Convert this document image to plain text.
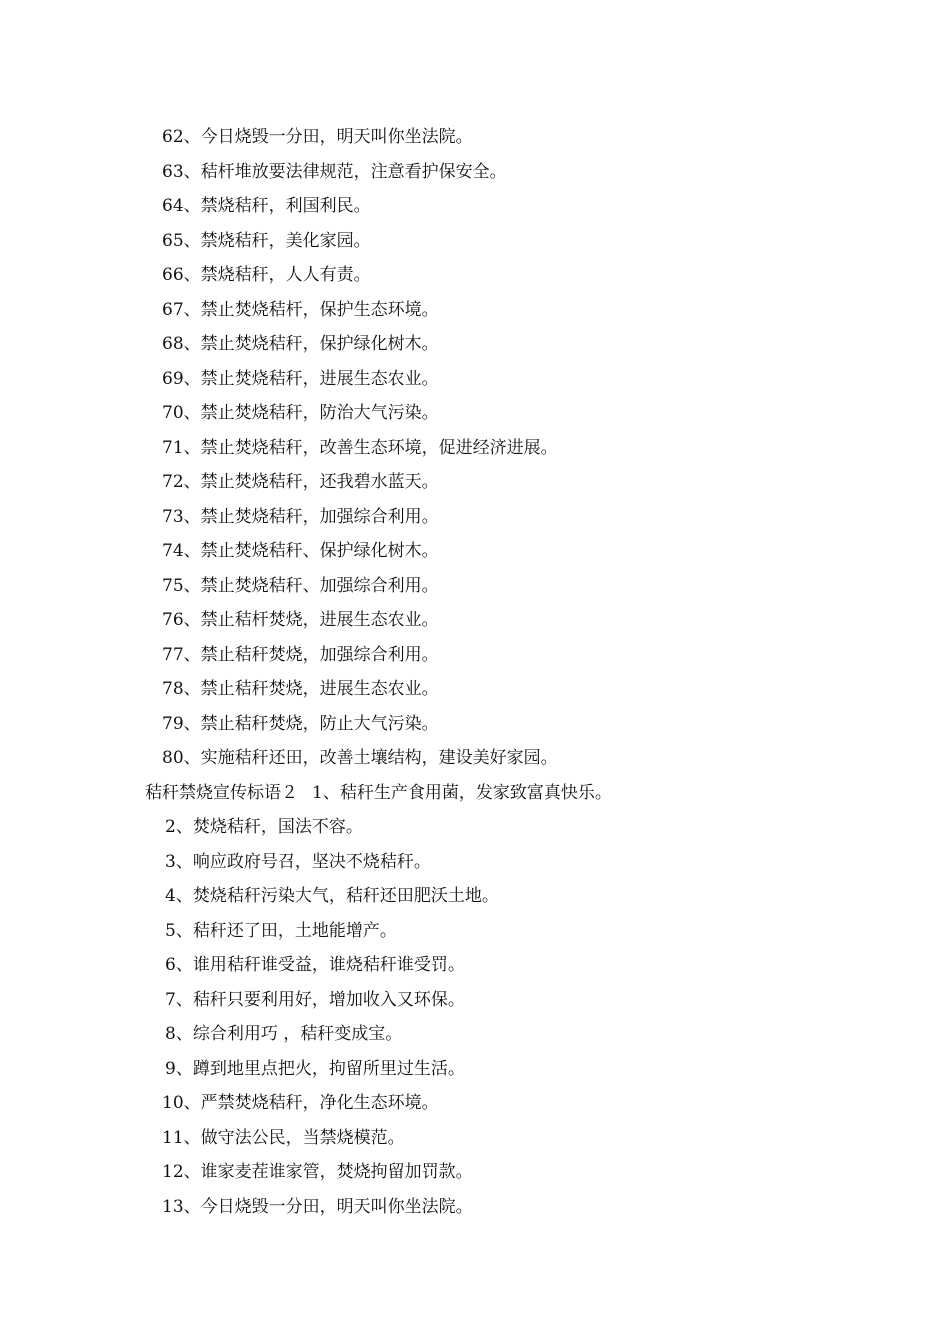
62、今日烧毁一分田，明天叫你坐法院。
63、秸杆堆放要法律规范，注意看护保安全。
64、禁烧秸秆，利国利民。
65、禁烧秸秆，美化家园。
66、禁烧秸秆，人人有责。
67、禁止焚烧秸杆，保护生态环境。
68、禁止焚烧秸秆，保护绿化树木。
69、禁止焚烧秸秆，进展生态农业。
70、禁止焚烧秸秆，防治大气污染。
71、禁止焚烧秸秆，改善生态环境，促进经济进展。
72、禁止焚烧秸秆，还我碧水蓝天。
73、禁止焚烧秸秆，加强综合利用。
74、禁止焚烧秸秆、保护绿化树木。
75、禁止焚烧秸秆、加强综合利用。
76、禁止秸杆焚烧，进展生态农业。
77、禁止秸秆焚烧，加强综合利用。
78、禁止秸秆焚烧，进展生态农业。
79、禁止秸秆焚烧，防止大气污染。
80、实施秸秆还田，改善土壤结构，建设美好家园。
秸秆禁烧宣传标语２ 1、秸秆生产食用菌，发家致富真快乐。
2、焚烧秸秆，国法不容。
3、响应政府号召，坚决不烧秸秆。
4、焚烧秸秆污染大气，秸秆还田肥沃土地。
5、秸秆还了田，土地能增产。
6、谁用秸秆谁受益，谁烧秸秆谁受罚。
7、秸秆只要利用好，增加收入又环保。
8、综合利用巧 ，秸秆变成宝。
9、蹲到地里点把火，拘留所里过生活。
10、严禁焚烧秸秆，净化生态环境。
11、做守法公民，当禁烧模范。
12、谁家麦茬谁家管，焚烧拘留加罚款。
13、今日烧毁一分田，明天叫你坐法院。
